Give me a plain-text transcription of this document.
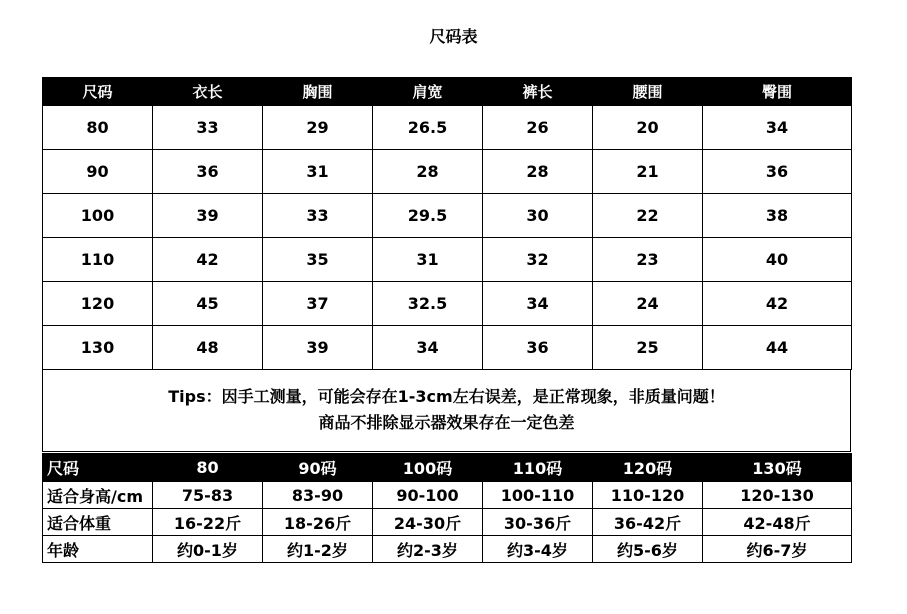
尺码表
尺码	衣长	胸围	肩宽	裤长	腰围	臀围
80	33	29	26.5	26	20	34
90	36	31	28	28	21	36
100	39	33	29.5	30	22	38
110	42	35	31	32	23	40
120	45	37	32.5	34	24	42
130	48	39	34	36	25	44
Tips：因手工测量，可能会存在1-3cm左右误差，是正常现象，非质量问题！
商品不排除显示器效果存在一定色差
尺码	80	90码	100码	110码	120码	130码
适合身高/cm	75-83	83-90	90-100	100-110	110-120	120-130
适合体重	16-22斤	18-26斤	24-30斤	30-36斤	36-42斤	42-48斤
年龄	约0-1岁	约1-2岁	约2-3岁	约3-4岁	约5-6岁	约6-7岁
